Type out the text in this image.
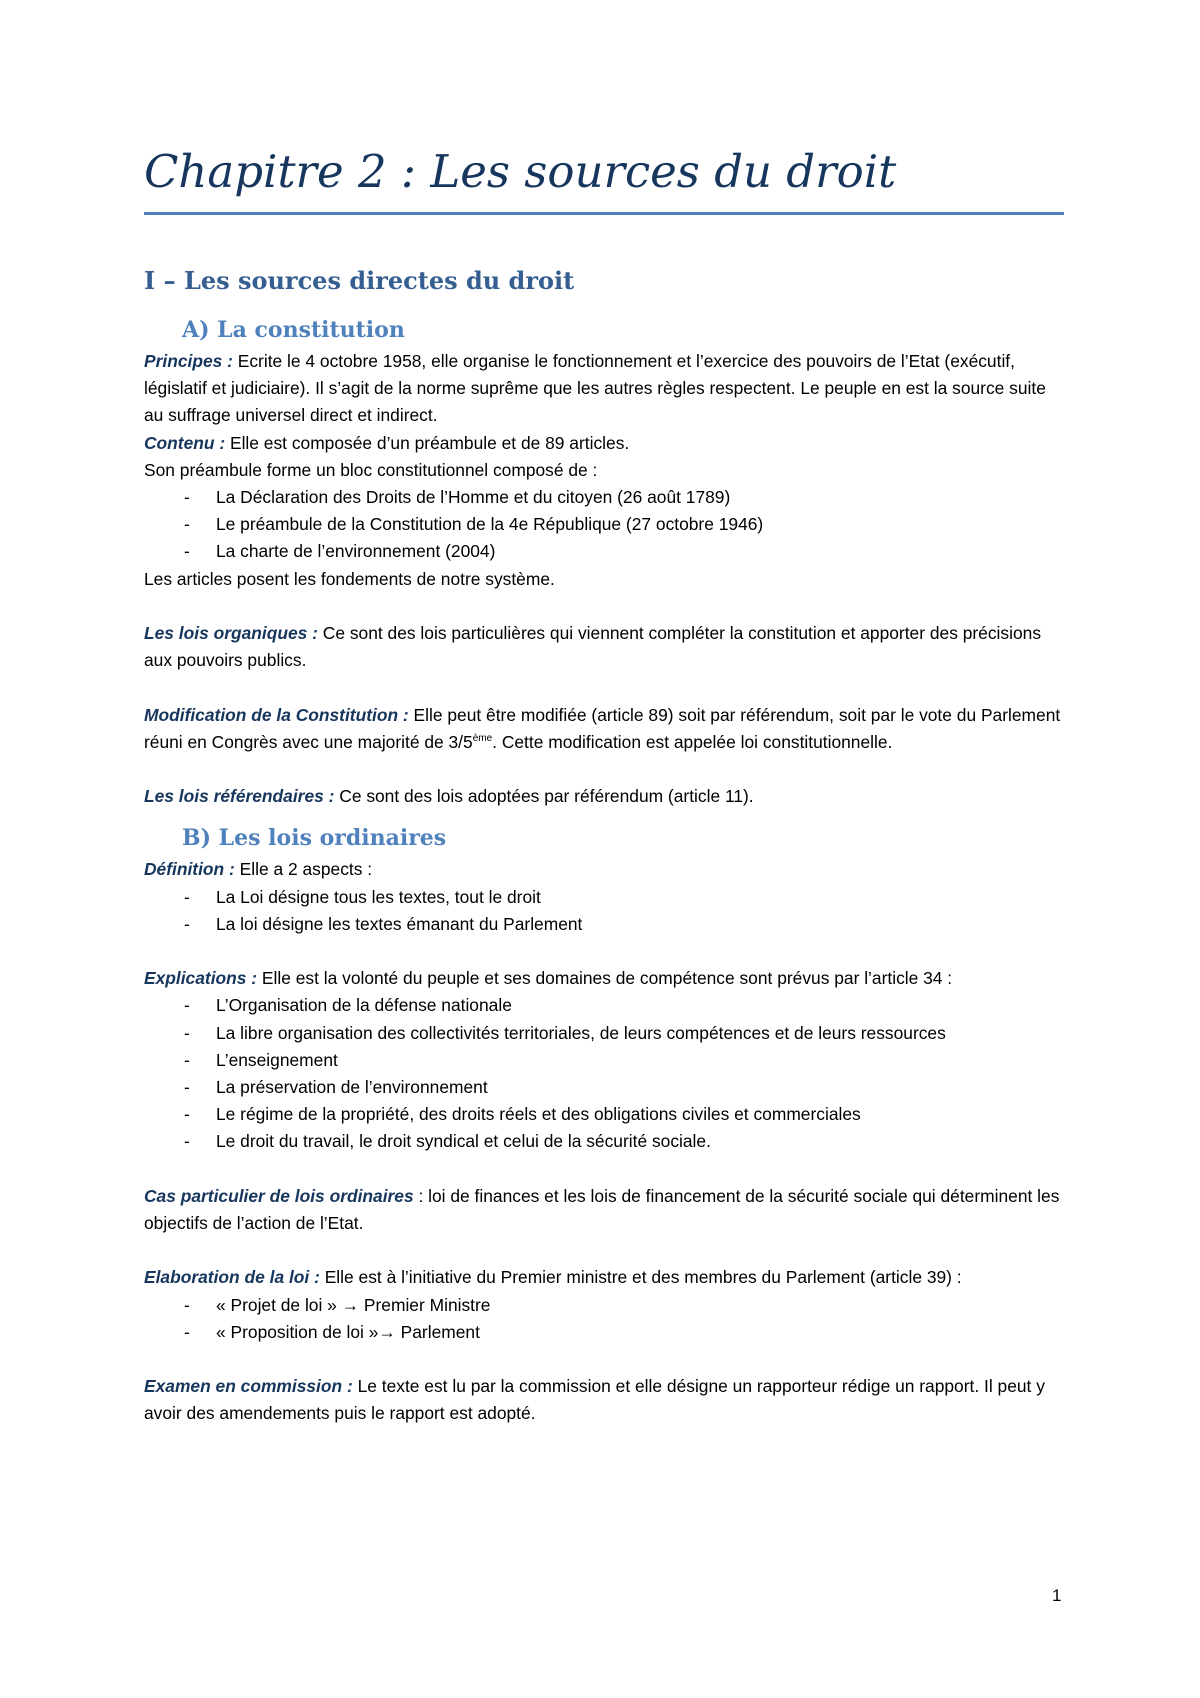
Chapitre 2 : Les sources du droit
I – Les sources directes du droit
A) La constitution

Principes : Ecrite le 4 octobre 1958, elle organise le fonctionnement et l’exercice des pouvoirs de l’Etat (exécutif, législatif et judiciaire). Il s’agit de la norme suprême que les autres règles respectent. Le peuple en est la source suite au suffrage universel direct et indirect.

Contenu : Elle est composée d’un préambule et de 89 articles.

Son préambule forme un bloc constitutionnel composé de :

- La Déclaration des Droits de l’Homme et du citoyen (26 août 1789)
- Le préambule de la Constitution de la 4e République (27 octobre 1946)
- La charte de l’environnement (2004)

Les articles posent les fondements de notre système.

Les lois organiques : Ce sont des lois particulières qui viennent compléter la constitution et apporter des précisions aux pouvoirs publics.

Modification de la Constitution : Elle peut être modifiée (article 89) soit par référendum, soit par le vote du Parlement réuni en Congrès avec une majorité de 3/5ème. Cette modification est appelée loi constitutionnelle.

Les lois référendaires : Ce sont des lois adoptées par référendum (article 11).

B) Les lois ordinaires

Définition : Elle a 2 aspects :

- La Loi désigne tous les textes, tout le droit
- La loi désigne les textes émanant du Parlement

Explications : Elle est la volonté du peuple et ses domaines de compétence sont prévus par l’article 34 :

- L’Organisation de la défense nationale
- La libre organisation des collectivités territoriales, de leurs compétences et de leurs ressources
- L’enseignement
- La préservation de l’environnement
- Le régime de la propriété, des droits réels et des obligations civiles et commerciales
- Le droit du travail, le droit syndical et celui de la sécurité sociale.

Cas particulier de lois ordinaires : loi de finances et les lois de financement de la sécurité sociale qui déterminent les objectifs de l’action de l’Etat.

Elaboration de la loi : Elle est à l’initiative du Premier ministre et des membres du Parlement (article 39) :

- « Projet de loi » → Premier Ministre
- « Proposition de loi »→ Parlement

Examen en commission : Le texte est lu par la commission et elle désigne un rapporteur rédige un rapport. Il peut y avoir des amendements puis le rapport est adopté.

1
